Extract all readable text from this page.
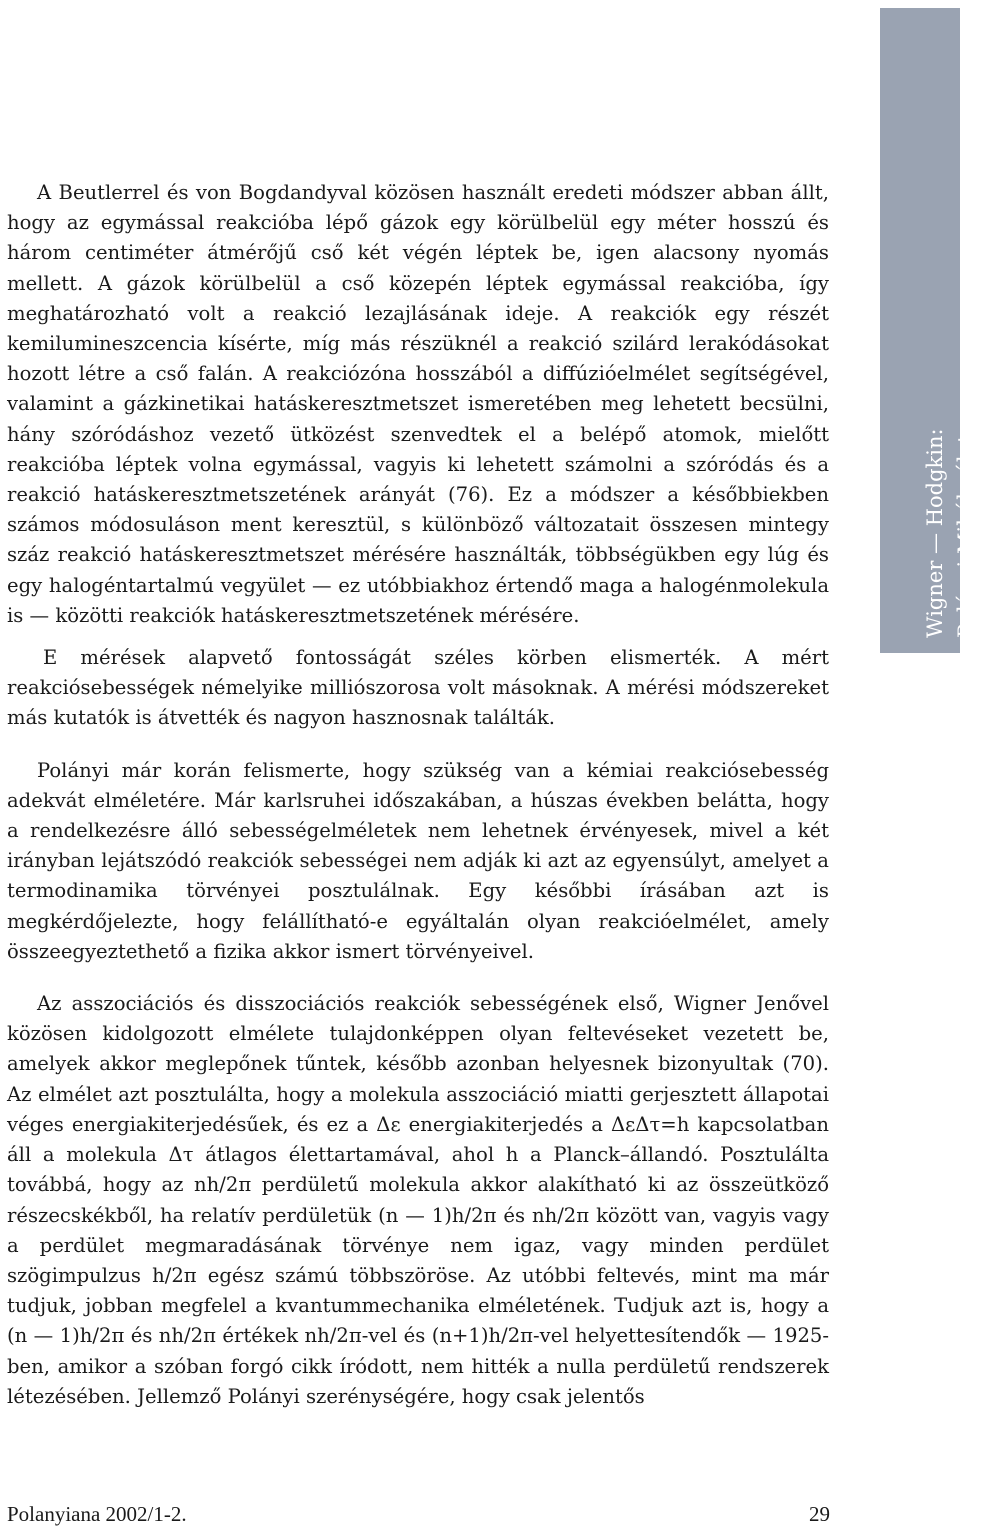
A Beutlerrel és von Bogdandyval közösen használt eredeti módszer abban állt, hogy az egymással reakcióba lépő gázok egy körülbelül egy méter hosszú és három centiméter átmérőjű cső két végén léptek be, igen alacsony nyomás mellett. A gázok körülbelül a cső közepén léptek egymással reakcióba, így meghatározható volt a reakció lezajlásának ideje. A reakciók egy részét kemilumineszcencia kísérte, míg más részüknél a reakció szilárd lerakódásokat hozott létre a cső falán. A reakciózóna hosszából a diffúzióelmélet segítségével, valamint a gázkinetikai hatáskeresztmetszet ismeretében meg lehetett becsülni, hány szóródáshoz vezető ütközést szenvedtek el a belépő atomok, mielőtt reakcióba léptek volna egymással, vagyis ki lehetett számolni a szóródás és a reakció hatáskeresztmetszetének arányát (76). Ez a módszer a későbbiekben számos módosuláson ment keresztül, s különböző változatait összesen mintegy száz reakció hatáskeresztmetszet mérésére használták, többségükben egy lúg és egy halogéntartalmú vegyület — ez utóbbiakhoz értendő maga a halogénmolekula is — közötti reakciók hatáskeresztmetszetének mérésére.

E mérések alapvető fontosságát széles körben elismerték. A mért reakciósebességek némelyike milliószorosa volt másoknak. A mérési módszereket más kutatók is átvették és nagyon hasznosnak találták.

Polányi már korán felismerte, hogy szükség van a kémiai reakciósebesség adekvát elméletére. Már karlsruhei időszakában, a húszas években belátta, hogy a rendelkezésre álló sebességelméletek nem lehetnek érvényesek, mivel a két irányban lejátszódó reakciók sebességei nem adják ki azt az egyensúlyt, amelyet a termodinamika törvényei posztulálnak. Egy későbbi írásában azt is megkérdőjelezte, hogy felállítható-e egyáltalán olyan reakcióelmélet, amely összeegyeztethető a fizika akkor ismert törvényeivel.

Az asszociációs és disszociációs reakciók sebességének első, Wigner Jenővel közösen kidolgozott elmélete tulajdonképpen olyan feltevéseket vezetett be, amelyek akkor meglepőnek tűntek, később azonban helyesnek bizonyultak (70). Az elmélet azt posztulálta, hogy a molekula asszociáció miatti gerjesztett állapotai véges energiakiterjedésűek, és ez a Δε energiakiterjedés a ΔεΔτ=h kapcsolatban áll a molekula Δτ átlagos élettartamával, ahol h a Planck–állandó. Posztulálta továbbá, hogy az nh/2π perdületű molekula akkor alakítható ki az összeütköző részecskékből, ha relatív perdületük (n — 1)h/2π és nh/2π között van, vagyis vagy a perdület megmaradásának törvénye nem igaz, vagy minden perdület szögimpulzus h/2π egész számú többszöröse. Az utóbbi feltevés, mint ma már tudjuk, jobban megfelel a kvantummechanika elméletének. Tudjuk azt is, hogy a (n — 1)h/2π és nh/2π értékek nh/2π-vel és (n+1)h/2π-vel helyettesítendők — 1925-ben, amikor a szóban forgó cikk íródott, nem hitték a nulla perdületű rendszerek létezésében. Jellemző Polányi szerénységére, hogy csak jelentős

Wigner — Hodgkin: Polányi Mihály élete
Polanyiana 2002/1-2.	29
